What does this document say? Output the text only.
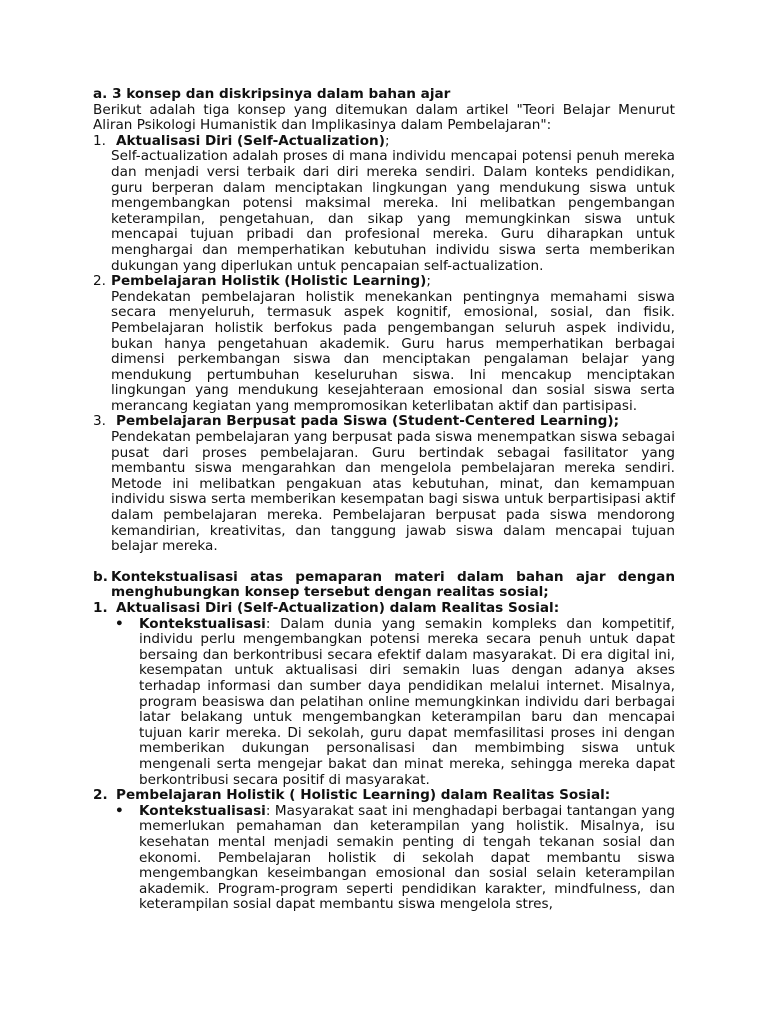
a. 3 konsep dan diskripsinya dalam bahan ajar
Berikut adalah tiga konsep yang ditemukan dalam artikel "Teori Belajar Menurut Aliran Psikologi Humanistik dan Implikasinya dalam Pembelajaran":
1. Aktualisasi Diri (Self-Actualization);
Self-actualization adalah proses di mana individu mencapai potensi penuh mereka dan menjadi versi terbaik dari diri mereka sendiri. Dalam konteks pendidikan, guru berperan dalam menciptakan lingkungan yang mendukung siswa untuk mengembangkan potensi maksimal mereka. Ini melibatkan pengembangan keterampilan, pengetahuan, dan sikap yang memungkinkan siswa untuk mencapai tujuan pribadi dan profesional mereka. Guru diharapkan untuk menghargai dan memperhatikan kebutuhan individu siswa serta memberikan dukungan yang diperlukan untuk pencapaian self-actualization.
2. Pembelajaran Holistik (Holistic Learning);
Pendekatan pembelajaran holistik menekankan pentingnya memahami siswa secara menyeluruh, termasuk aspek kognitif, emosional, sosial, dan fisik. Pembelajaran holistik berfokus pada pengembangan seluruh aspek individu, bukan hanya pengetahuan akademik. Guru harus memperhatikan berbagai dimensi perkembangan siswa dan menciptakan pengalaman belajar yang mendukung pertumbuhan keseluruhan siswa. Ini mencakup menciptakan lingkungan yang mendukung kesejahteraan emosional dan sosial siswa serta merancang kegiatan yang mempromosikan keterlibatan aktif dan partisipasi.
3. Pembelajaran Berpusat pada Siswa (Student-Centered Learning);
Pendekatan pembelajaran yang berpusat pada siswa menempatkan siswa sebagai pusat dari proses pembelajaran. Guru bertindak sebagai fasilitator yang membantu siswa mengarahkan dan mengelola pembelajaran mereka sendiri. Metode ini melibatkan pengakuan atas kebutuhan, minat, dan kemampuan individu siswa serta memberikan kesempatan bagi siswa untuk berpartisipasi aktif dalam pembelajaran mereka. Pembelajaran berpusat pada siswa mendorong kemandirian, kreativitas, dan tanggung jawab siswa dalam mencapai tujuan belajar mereka.
b. Kontekstualisasi atas pemaparan materi dalam bahan ajar dengan menghubungkan konsep tersebut dengan realitas sosial;
1. Aktualisasi Diri (Self-Actualization) dalam Realitas Sosial:
• Kontekstualisasi: Dalam dunia yang semakin kompleks dan kompetitif, individu perlu mengembangkan potensi mereka secara penuh untuk dapat bersaing dan berkontribusi secara efektif dalam masyarakat. Di era digital ini, kesempatan untuk aktualisasi diri semakin luas dengan adanya akses terhadap informasi dan sumber daya pendidikan melalui internet. Misalnya, program beasiswa dan pelatihan online memungkinkan individu dari berbagai latar belakang untuk mengembangkan keterampilan baru dan mencapai tujuan karir mereka. Di sekolah, guru dapat memfasilitasi proses ini dengan memberikan dukungan personalisasi dan membimbing siswa untuk mengenali serta mengejar bakat dan minat mereka, sehingga mereka dapat berkontribusi secara positif di masyarakat.
2. Pembelajaran Holistik ( Holistic Learning) dalam Realitas Sosial:
• Kontekstualisasi: Masyarakat saat ini menghadapi berbagai tantangan yang memerlukan pemahaman dan keterampilan yang holistik. Misalnya, isu kesehatan mental menjadi semakin penting di tengah tekanan sosial dan ekonomi. Pembelajaran holistik di sekolah dapat membantu siswa mengembangkan keseimbangan emosional dan sosial selain keterampilan akademik. Program-program seperti pendidikan karakter, mindfulness, dan keterampilan sosial dapat membantu siswa mengelola stres,
